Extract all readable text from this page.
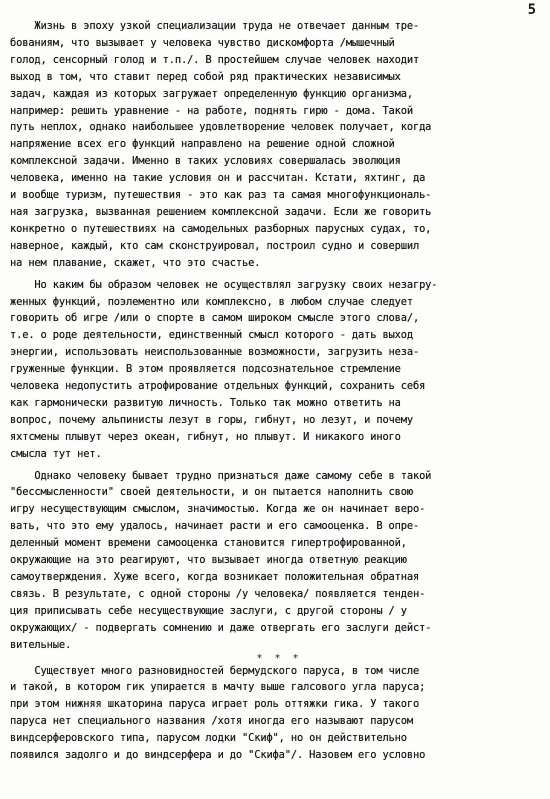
5
Жизнь в эпоху узкой специализации труда не отвечает данным тре-
бованиям, что вызывает у человека чувство дискомфорта /мышечный
голод, сенсорный голод и т.п./. В простейшем случае человек находит
выход в том, что ставит перед собой ряд практических независимых
задач, каждая из которых загружает определенную функцию организма,
например: решить уравнение - на работе, поднять гирю - дома. Такой
путь неплох, однако наибольшее удовлетворение человек получает, когда
напряжение всех его функций направлено на решение одной сложной
комплексной задачи. Именно в таких условиях совершалась эволюция
человека, именно на такие условия он и рассчитан. Кстати, яхтинг, да
и вообще туризм, путешествия - это как раз та самая многофункциональ-
ная загрузка, вызванная решением комплексной задачи. Если же говорить
конкретно о путешествиях на самодельных разборных парусных судах, то,
наверное, каждый, кто сам сконструировал, построил судно и совершил
на нем плавание, скажет, что это счастье.
Но каким бы образом человек не осуществлял загрузку своих незагру-
женных функций, поэлементно или комплексно, в любом случае следует
говорить об игре /или о спорте в самом широком смысле этого слова/,
т.е. о роде деятельности, единственный смысл которого - дать выход
энергии, использовать неиспользованные возможности, загрузить неза-
груженные функции. В этом проявляется подсознательное стремление
человека недопустить атрофирование отдельных функций, сохранить себя
как гармонически развитую личность. Только так можно ответить на
вопрос, почему альпинисты лезут в горы, гибнут, но лезут, и почему
яхтсмены плывут через океан, гибнут, но плывут. И никакого иного
смысла тут нет.
Однако человеку бывает трудно признаться даже самому себе в такой
"бессмысленности" своей деятельности, и он пытается наполнить свою
игру несуществующим смыслом, значимостью. Когда же он начинает веро-
вать, что это ему удалось, начинает расти и его самооценка. В опре-
деленный момент времени самооценка становится гипертрофированной,
окружающие на это реагируют, что вызывает иногда ответную реакцию
самоутверждения. Хуже всего, когда возникает положительная обратная
связь. В результате, с одной стороны /у человека/ появляется тенден-
ция приписывать себе несуществующие заслуги, с другой стороны / у
окружающих/ - подвергать сомнению и даже отвергать его заслуги дейст-
вительные.
* * *
Существует много разновидностей бермудского паруса, в том числе
и такой, в котором гик упирается в мачту выше галсового угла паруса;
при этом нижняя шкаторина паруса играет роль оттяжки гика. У такого
паруса нет специального названия /хотя иногда его называют парусом
виндсерферовского типа, парусом лодки "Скиф", но он действительно
появился задолго и до виндсерфера и до "Скифа"/. Назовем его условно
